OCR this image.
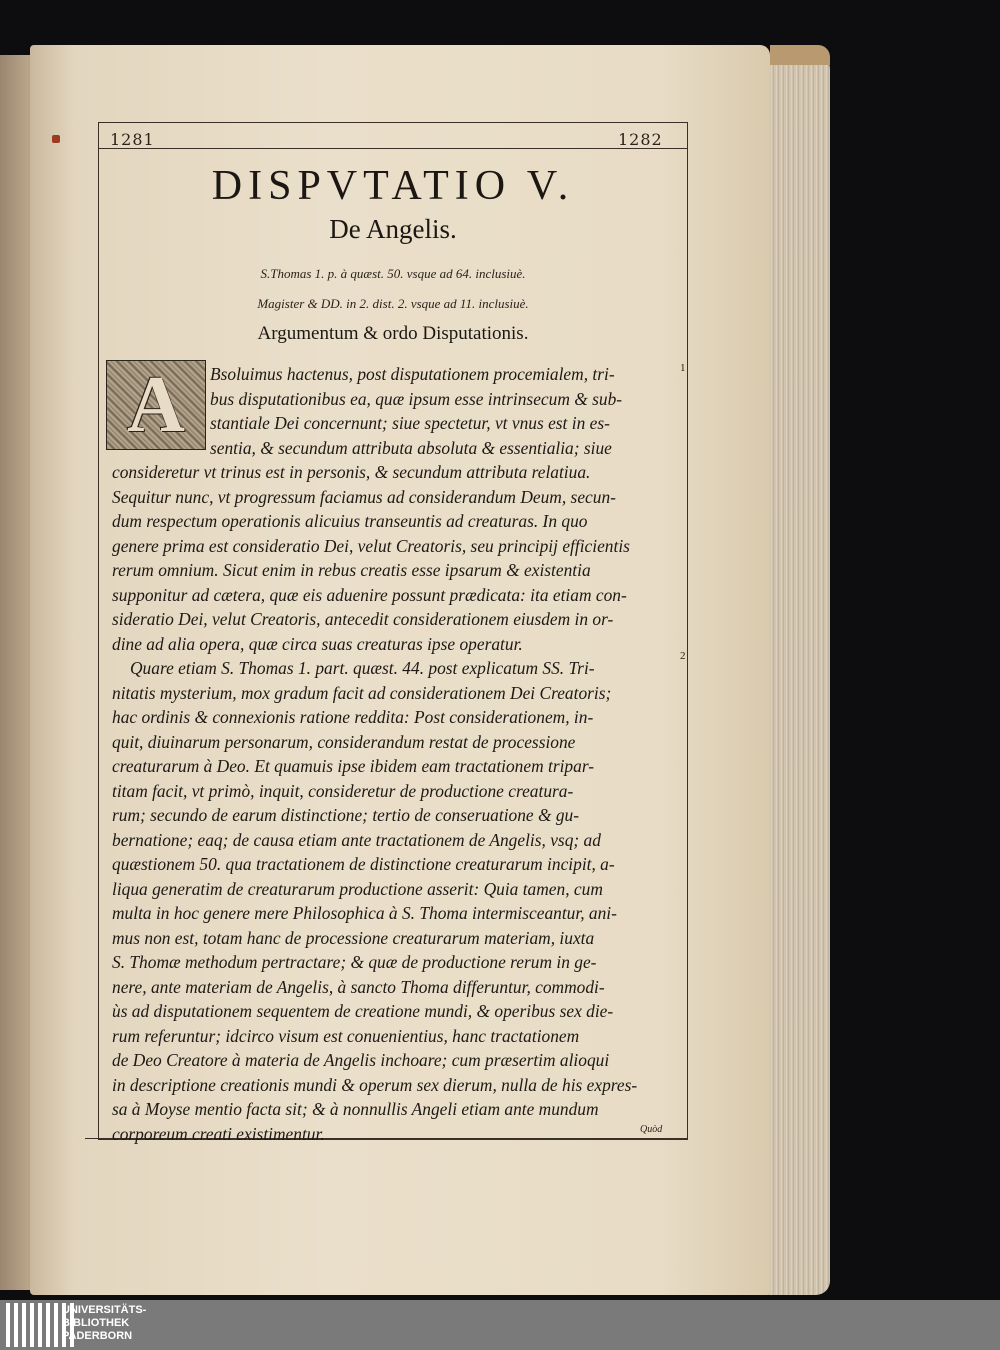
1281	1282
DISPVTATIO V.
De Angelis.
S.Thomas 1. p. à quæst. 50. vsque ad 64. inclusiuè.
Magister & DD. in 2. dist. 2. vsque ad 11. inclusiuè.
Argumentum & ordo Disputationis.
A	1
2
Bsoluimus hactenus, post disputationem procemialem, tri-
bus disputationibus ea, quæ ipsum esse intrinsecum & sub-
stantiale Dei concernunt; siue spectetur, vt vnus est in es-
sentia, & secundum attributa absoluta & essentialia; siue
consideretur vt trinus est in personis, & secundum attributa relatiua.
Sequitur nunc, vt progressum faciamus ad considerandum Deum, secun-
dum respectum operationis alicuius transeuntis ad creaturas. In quo
genere prima est consideratio Dei, velut Creatoris, seu principij efficientis
rerum omnium. Sicut enim in rebus creatis esse ipsarum & existentia
supponitur ad cætera, quæ eis aduenire possunt prædicata: ita etiam con-
sideratio Dei, velut Creatoris, antecedit considerationem eiusdem in or-
dine ad alia opera, quæ circa suas creaturas ipse operatur.
Quare etiam S. Thomas 1. part. quæst. 44. post explicatum SS. Tri-
nitatis mysterium, mox gradum facit ad considerationem Dei Creatoris;
hac ordinis & connexionis ratione reddita: Post considerationem, in-
quit, diuinarum personarum, considerandum restat de processione
creaturarum à Deo. Et quamuis ipse ibidem eam tractationem tripar-
titam facit, vt primò, inquit, consideretur de productione creatura-
rum; secundo de earum distinctione; tertio de conseruatione & gu-
bernatione; eaq; de causa etiam ante tractationem de Angelis, vsq; ad
quæstionem 50. qua tractationem de distinctione creaturarum incipit, a-
liqua generatim de creaturarum productione asserit: Quia tamen, cum
multa in hoc genere mere Philosophica à S. Thoma intermisceantur, ani-
mus non est, totam hanc de processione creaturarum materiam, iuxta
S. Thomæ methodum pertractare; & quæ de productione rerum in ge-
nere, ante materiam de Angelis, à sancto Thoma differuntur, commodi-
ùs ad disputationem sequentem de creatione mundi, & operibus sex die-
rum referuntur; idcirco visum est conuenientius, hanc tractationem
de Deo Creatore à materia de Angelis inchoare; cum præsertim alioqui
in descriptione creationis mundi & operum sex dierum, nulla de his expres-
sa à Moyse mentio facta sit; & à nonnullis Angeli etiam ante mundum
corporeum creati existimentur.	Quòd
UNIVERSITÄTS-
BIBLIOTHEK
PADERBORN
